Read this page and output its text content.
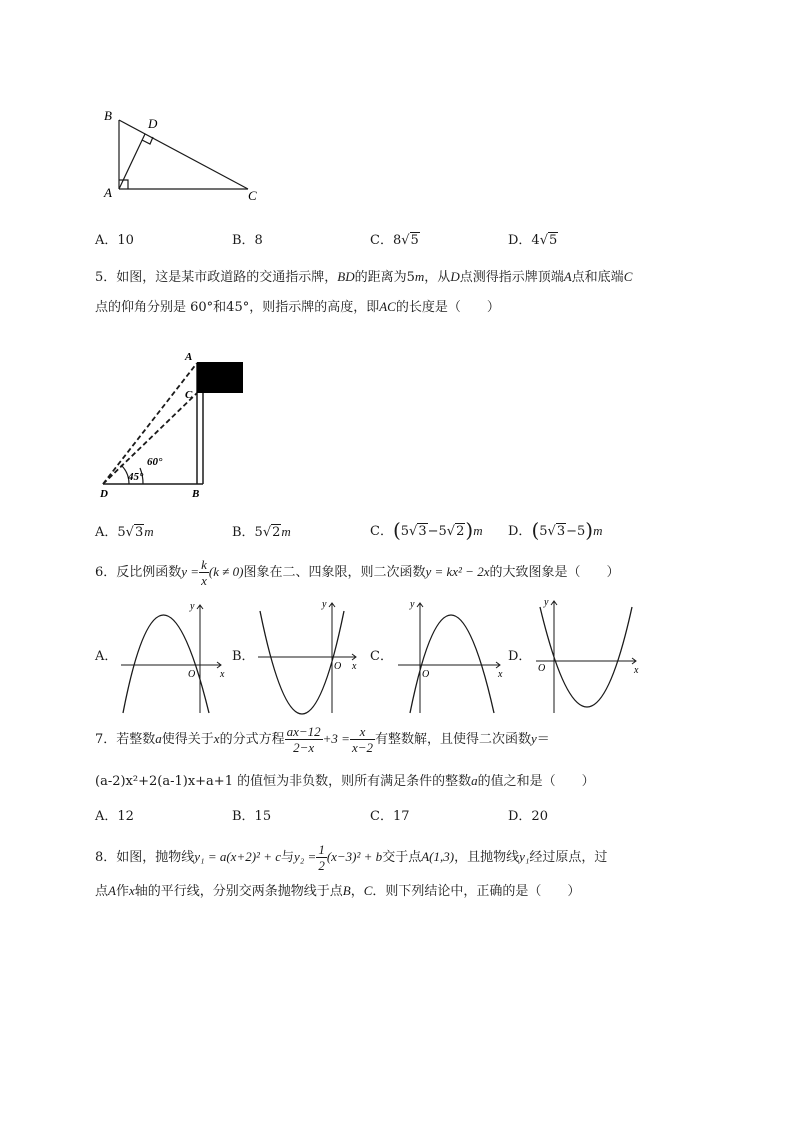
B
D
A	C
A．10	B．8	C．8√5	D．4√5
5．如图，这是某市政道路的交通指示牌，BD的距离为5m，从D点测得指示牌顶端A点和底端C
点的仰角分别是 60°和45°，则指示牌的高度，即AC的长度是（　　）
A
C
D	B
60°
45°
A．5√3m	B．5√2m	C．(5√3−5√2)m D．(5√3−5)m
6．反比例函数$y = \frac{k}{x} (k \ne 0)$图象在二、四象限，则二次函数y = kx² − 2x的大致图象是（　　）
A．	B．	C．	D．
y
x
O
y
x
O
y
x
O
y
x
O
7．若整数a使得关于x的分式方程 $\frac{ax-12}{2-x} +3 = \frac{x}{x-2}$ 有整数解，且使得二次函数y＝
(a-2)x²+2(a-1)x+a+1 的值恒为非负数，则所有满足条件的整数a的值之和是（　　）
A．12	B．15	C．17	D．20
8．如图，抛物线y₁ = a(x+2)² + c与$y_2 = \frac{1}{2} (x-3)^2 + b$交于点A(1,3)，且抛物线y₁经过原点，过
点A作x轴的平行线，分别交两条抛物线于点B，C．则下列结论中，正确的是（　　）
